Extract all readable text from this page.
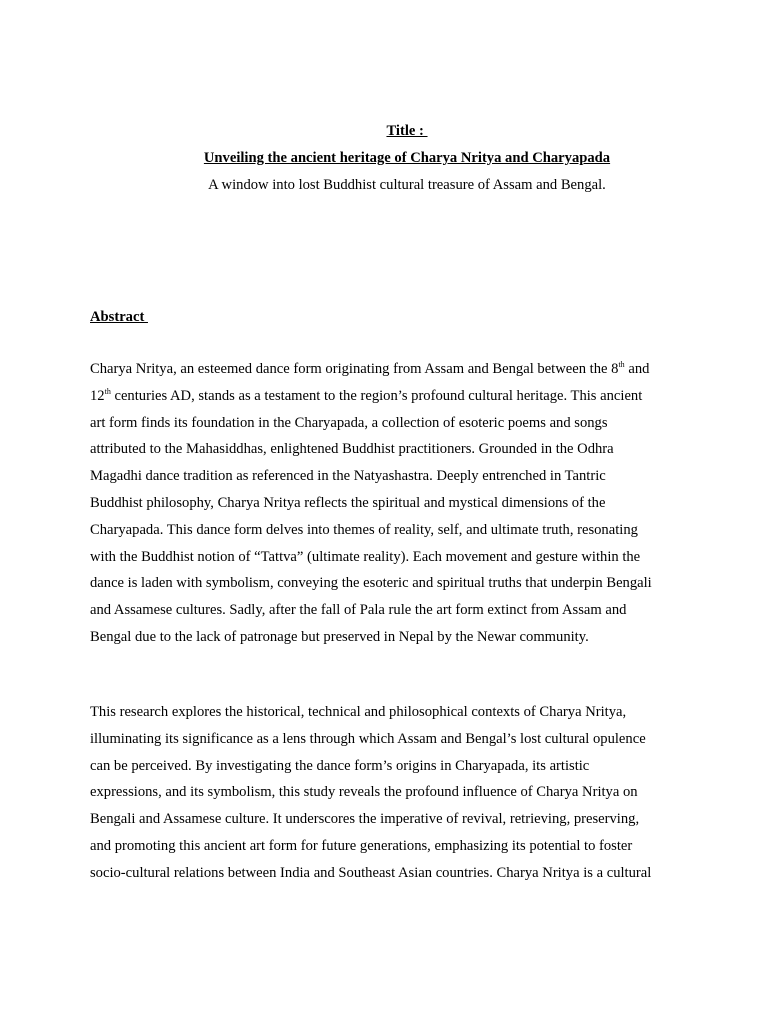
Title :
Unveiling the ancient heritage of Charya Nritya and Charyapada
A window into lost Buddhist cultural treasure of Assam and Bengal.
Abstract
Charya Nritya, an esteemed dance form originating from Assam and Bengal between the 8th and
12th centuries AD, stands as a testament to the region’s profound cultural heritage. This ancient
art form finds its foundation in the Charyapada, a collection of esoteric poems and songs
attributed to the Mahasiddhas, enlightened Buddhist practitioners. Grounded in the Odhra
Magadhi dance tradition as referenced in the Natyashastra. Deeply entrenched in Tantric
Buddhist philosophy, Charya Nritya reflects the spiritual and mystical dimensions of the
Charyapada. This dance form delves into themes of reality, self, and ultimate truth, resonating
with the Buddhist notion of “Tattva” (ultimate reality). Each movement and gesture within the
dance is laden with symbolism, conveying the esoteric and spiritual truths that underpin Bengali
and Assamese cultures. Sadly, after the fall of Pala rule the art form extinct from Assam and
Bengal due to the lack of patronage but preserved in Nepal by the Newar community.
This research explores the historical, technical and philosophical contexts of Charya Nritya,
illuminating its significance as a lens through which Assam and Bengal’s lost cultural opulence
can be perceived. By investigating the dance form’s origins in Charyapada, its artistic
expressions, and its symbolism, this study reveals the profound influence of Charya Nritya on
Bengali and Assamese culture. It underscores the imperative of revival, retrieving, preserving,
and promoting this ancient art form for future generations, emphasizing its potential to foster
socio-cultural relations between India and Southeast Asian countries. Charya Nritya is a cultural
